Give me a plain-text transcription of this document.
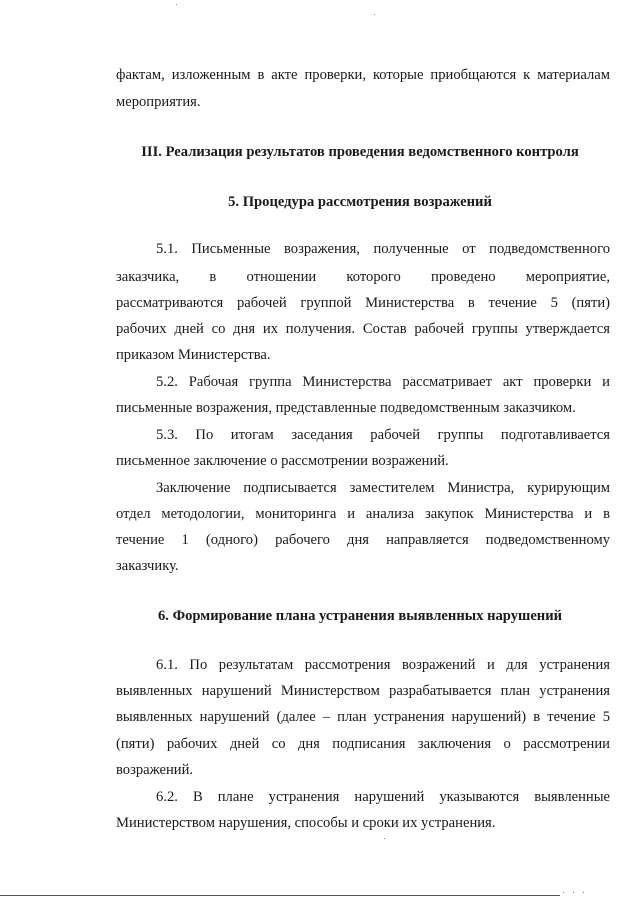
фактам, изложенным в акте проверки, которые приобщаются к материалам
мероприятия.
III. Реализация результатов проведения ведомственного контроля
5. Процедура рассмотрения возражений
5.1. Письменные возражения, полученные от подведомственного
заказчика, в отношении которого проведено мероприятие,
рассматриваются рабочей группой Министерства в течение 5 (пяти)
рабочих дней со дня их получения. Состав рабочей группы утверждается
приказом Министерства.
5.2. Рабочая группа Министерства рассматривает акт проверки и
письменные возражения, представленные подведомственным заказчиком.
5.3. По итогам заседания рабочей группы подготавливается
письменное заключение о рассмотрении возражений.
Заключение подписывается заместителем Министра, курирующим
отдел методологии, мониторинга и анализа закупок Министерства и в
течение 1 (одного) рабочего дня направляется подведомственному
заказчику.
6. Формирование плана устранения выявленных нарушений
6.1. По результатам рассмотрения возражений и для устранения
выявленных нарушений Министерством разрабатывается план устранения
выявленных нарушений (далее – план устранения нарушений) в течение 5
(пяти) рабочих дней со дня подписания заключения о рассмотрении
возражений.
6.2. В плане устранения нарушений указываются выявленные
Министерством нарушения, способы и сроки их устранения.
· · ·
